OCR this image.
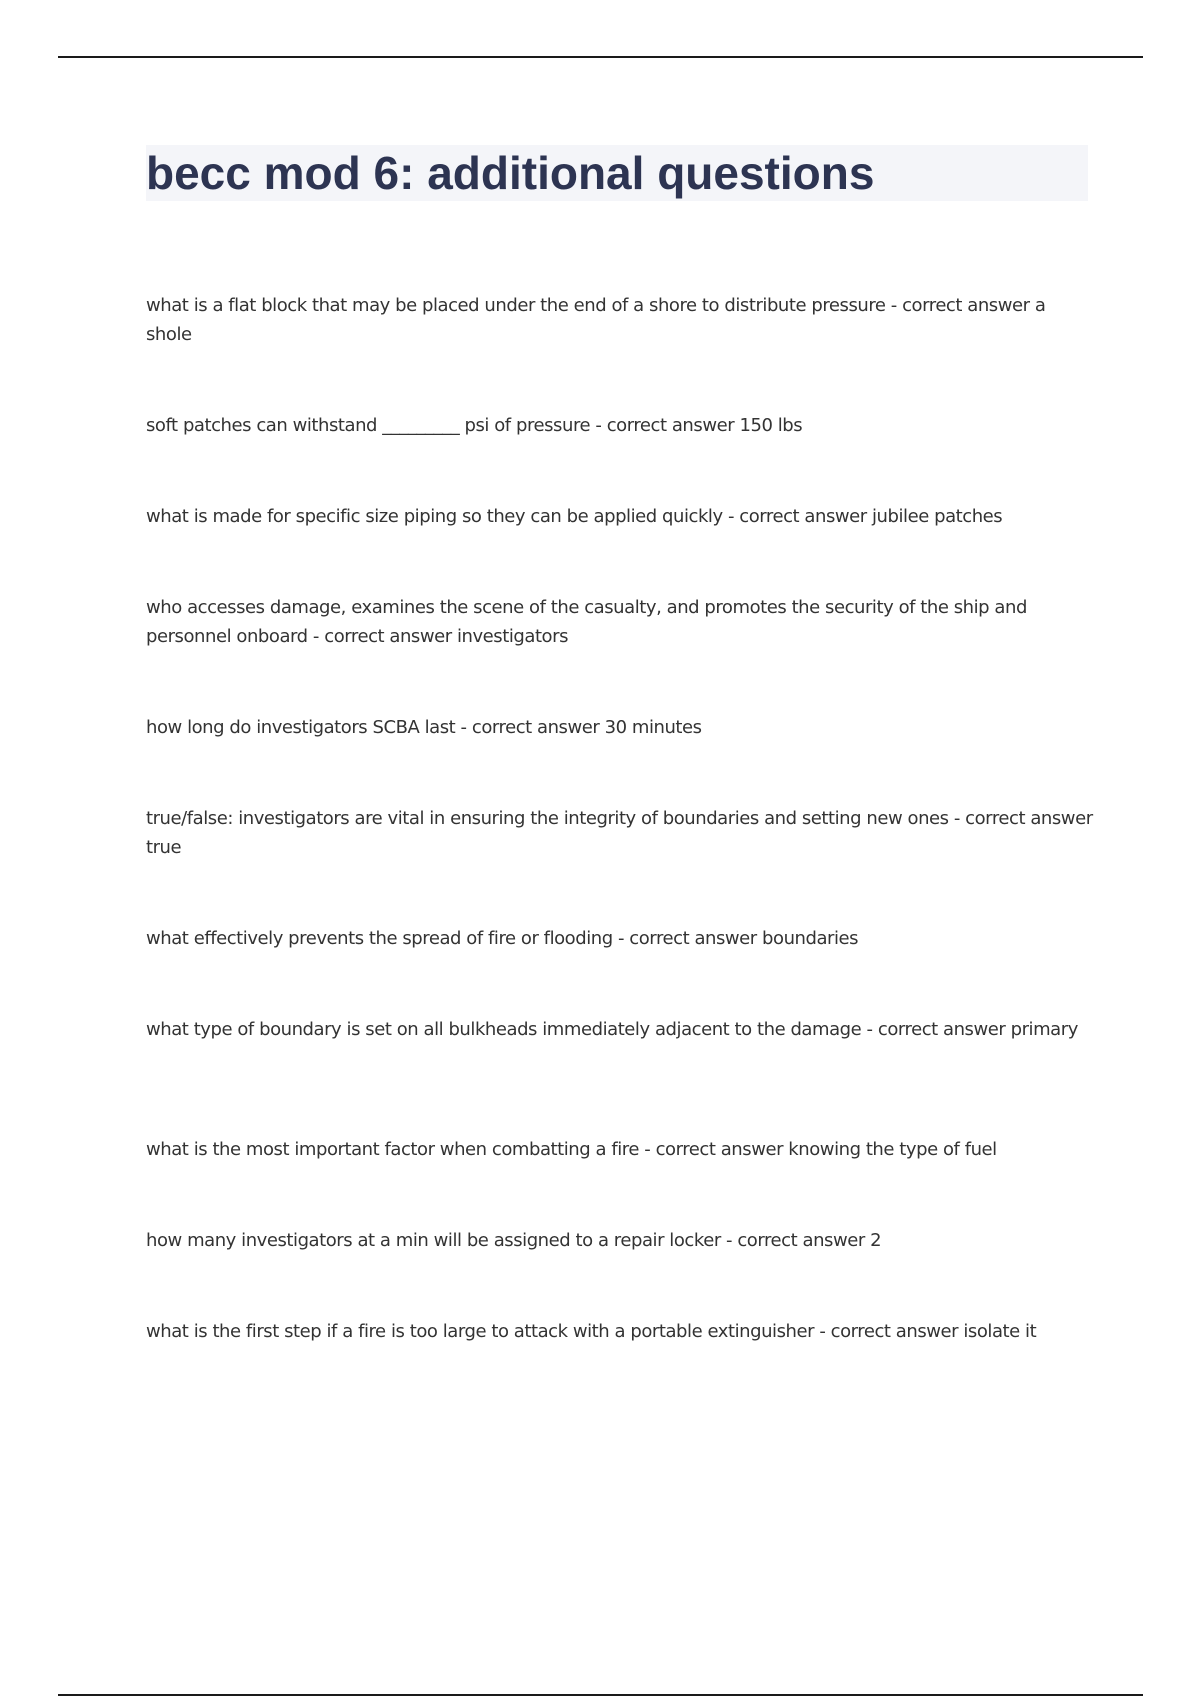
becc mod 6: additional questions

what is a flat block that may be placed under the end of a shore to distribute pressure - correct answer a shole

soft patches can withstand _________ psi of pressure - correct answer 150 lbs

what is made for specific size piping so they can be applied quickly - correct answer jubilee patches

who accesses damage, examines the scene of the casualty, and promotes the security of the ship and personnel onboard - correct answer investigators

how long do investigators SCBA last - correct answer 30 minutes

true/false: investigators are vital in ensuring the integrity of boundaries and setting new ones - correct answer true

what effectively prevents the spread of fire or flooding - correct answer boundaries

what type of boundary is set on all bulkheads immediately adjacent to the damage - correct answer primary

what is the most important factor when combatting a fire - correct answer knowing the type of fuel

how many investigators at a min will be assigned to a repair locker - correct answer 2

what is the first step if a fire is too large to attack with a portable extinguisher - correct answer isolate it
